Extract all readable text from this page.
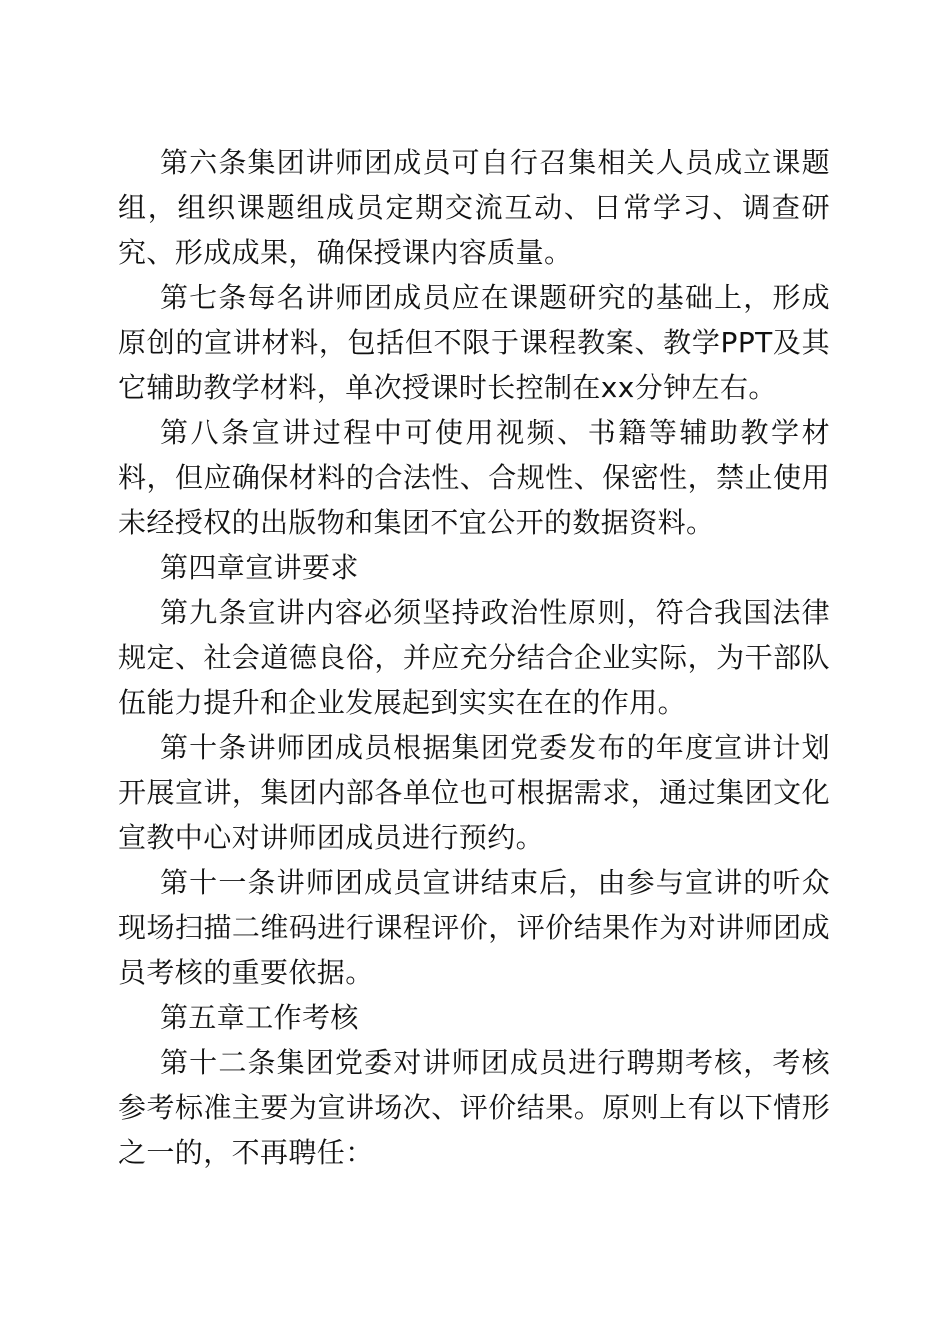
第六条集团讲师团成员可自行召集相关人员成立课题组，组织课题组成员定期交流互动、日常学习、调查研究、形成成果，确保授课内容质量。

第七条每名讲师团成员应在课题研究的基础上，形成原创的宣讲材料，包括但不限于课程教案、教学PPT及其它辅助教学材料，单次授课时长控制在xx分钟左右。

第八条宣讲过程中可使用视频、书籍等辅助教学材料，但应确保材料的合法性、合规性、保密性，禁止使用未经授权的出版物和集团不宜公开的数据资料。

第四章宣讲要求

第九条宣讲内容必须坚持政治性原则，符合我国法律规定、社会道德良俗，并应充分结合企业实际，为干部队伍能力提升和企业发展起到实实在在的作用。

第十条讲师团成员根据集团党委发布的年度宣讲计划开展宣讲，集团内部各单位也可根据需求，通过集团文化宣教中心对讲师团成员进行预约。

第十一条讲师团成员宣讲结束后，由参与宣讲的听众现场扫描二维码进行课程评价，评价结果作为对讲师团成员考核的重要依据。

第五章工作考核

第十二条集团党委对讲师团成员进行聘期考核，考核参考标准主要为宣讲场次、评价结果。原则上有以下情形之一的，不再聘任：
